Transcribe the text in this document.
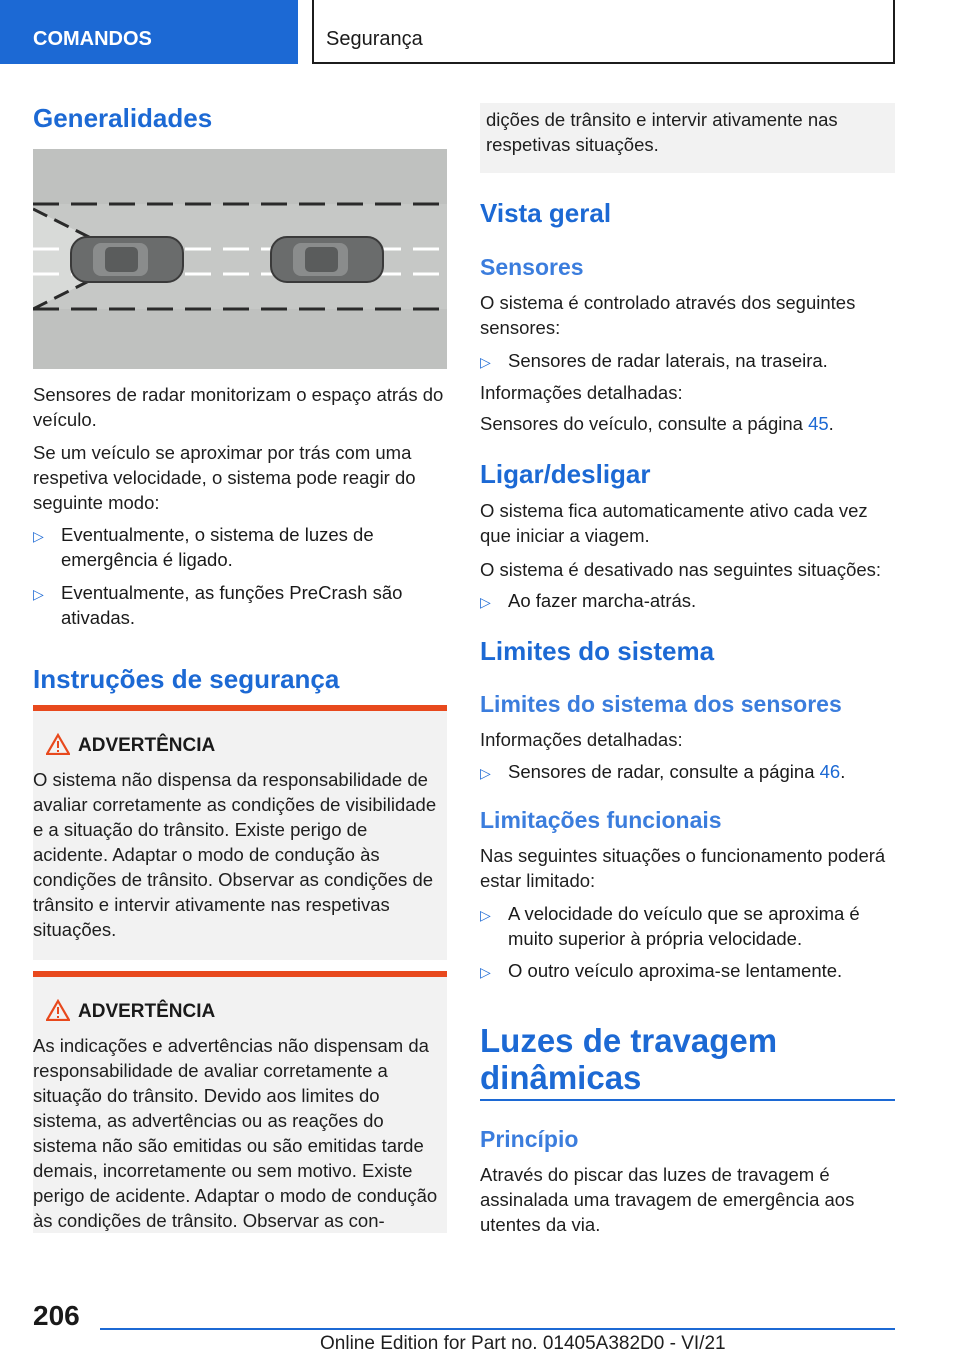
COMANDOS	Segurança
Generalidades

Sensores de radar monitorizam o espaço atrás do veículo.

Se um veículo se aproximar por trás com uma respetiva velocidade, o sistema pode reagir do seguinte modo:

▷ Eventualmente, o sistema de luzes de emergência é ligado.
▷ Eventualmente, as funções PreCrash são ativadas.
Instruções de segurança
ADVERTÊNCIA

O sistema não dispensa da responsabilidade de avaliar corretamente as condições de visibilidade e a situação do trânsito. Existe perigo de acidente. Adaptar o modo de condução às condições de trânsito. Observar as condições de trânsito e intervir ativamente nas respetivas situações.

ADVERTÊNCIA

As indicações e advertências não dispensam da responsabilidade de avaliar corretamente a situação do trânsito. Devido aos limites do sistema, as advertências ou as reações do sistema não são emitidas ou são emitidas tarde demais, incorretamente ou sem motivo. Existe perigo de acidente. Adaptar o modo de condução às condições de trânsito. Observar as con-

dições de trânsito e intervir ativamente nas respetivas situações.

Vista geral
Sensores

O sistema é controlado através dos seguintes sensores:

▷ Sensores de radar laterais, na traseira.

Informações detalhadas:

Sensores do veículo, consulte a página 45.

Ligar/desligar

O sistema fica automaticamente ativo cada vez que iniciar a viagem.

O sistema é desativado nas seguintes situações:

▷ Ao fazer marcha-atrás.
Limites do sistema
Limites do sistema dos sensores

Informações detalhadas:

▷ Sensores de radar, consulte a página 46.
Limitações funcionais

Nas seguintes situações o funcionamento poderá estar limitado:

▷ A velocidade do veículo que se aproxima é muito superior à própria velocidade.
▷ O outro veículo aproxima-se lentamente.
Luzes de travagem dinâmicas
Princípio

Através do piscar das luzes de travagem é assinalada uma travagem de emergência aos utentes da via.

206
Online Edition for Part no. 01405A382D0 - VI/21
